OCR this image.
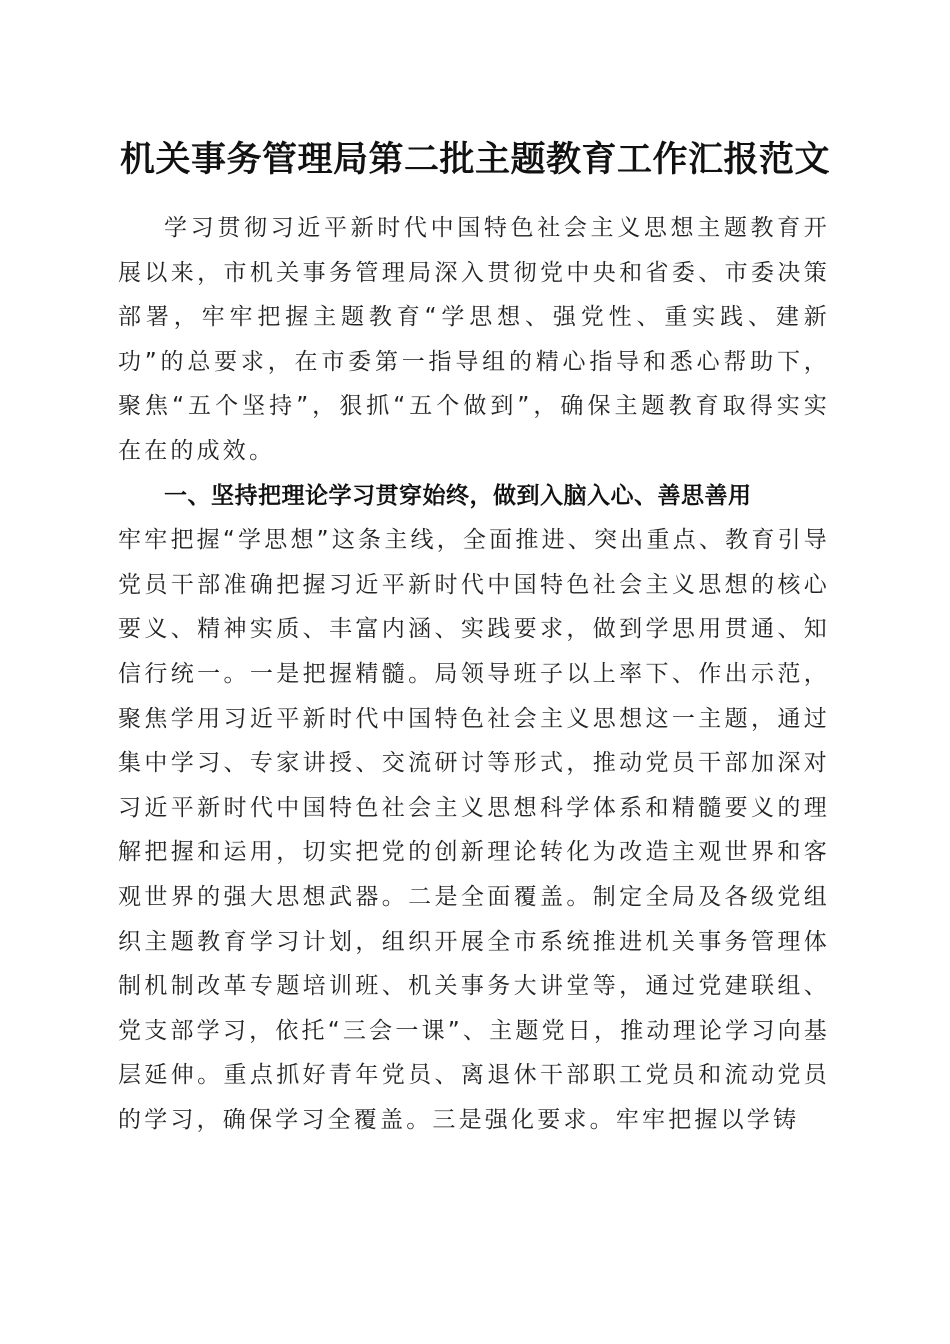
机关事务管理局第二批主题教育工作汇报范文

学习贯彻习近平新时代中国特色社会主义思想主题教育开展以来，市机关事务管理局深入贯彻党中央和省委、市委决策部署，牢牢把握主题教育“学思想、强党性、重实践、建新功”的总要求，在市委第一指导组的精心指导和悉心帮助下，聚焦“五个坚持”，狠抓“五个做到”，确保主题教育取得实实在在的成效。

一、坚持把理论学习贯穿始终，做到入脑入心、善思善用

牢牢把握“学思想”这条主线，全面推进、突出重点、教育引导党员干部准确把握习近平新时代中国特色社会主义思想的核心要义、精神实质、丰富内涵、实践要求，做到学思用贯通、知信行统一。一是把握精髓。局领导班子以上率下、作出示范，聚焦学用习近平新时代中国特色社会主义思想这一主题，通过集中学习、专家讲授、交流研讨等形式，推动党员干部加深对习近平新时代中国特色社会主义思想科学体系和精髓要义的理解把握和运用，切实把党的创新理论转化为改造主观世界和客观世界的强大思想武器。二是全面覆盖。制定全局及各级党组织主题教育学习计划，组织开展全市系统推进机关事务管理体制机制改革专题培训班、机关事务大讲堂等，通过党建联组、党支部学习，依托“三会一课”、主题党日，推动理论学习向基层延伸。重点抓好青年党员、离退休干部职工党员和流动党员的学习，确保学习全覆盖。三是强化要求。牢牢把握以学铸
